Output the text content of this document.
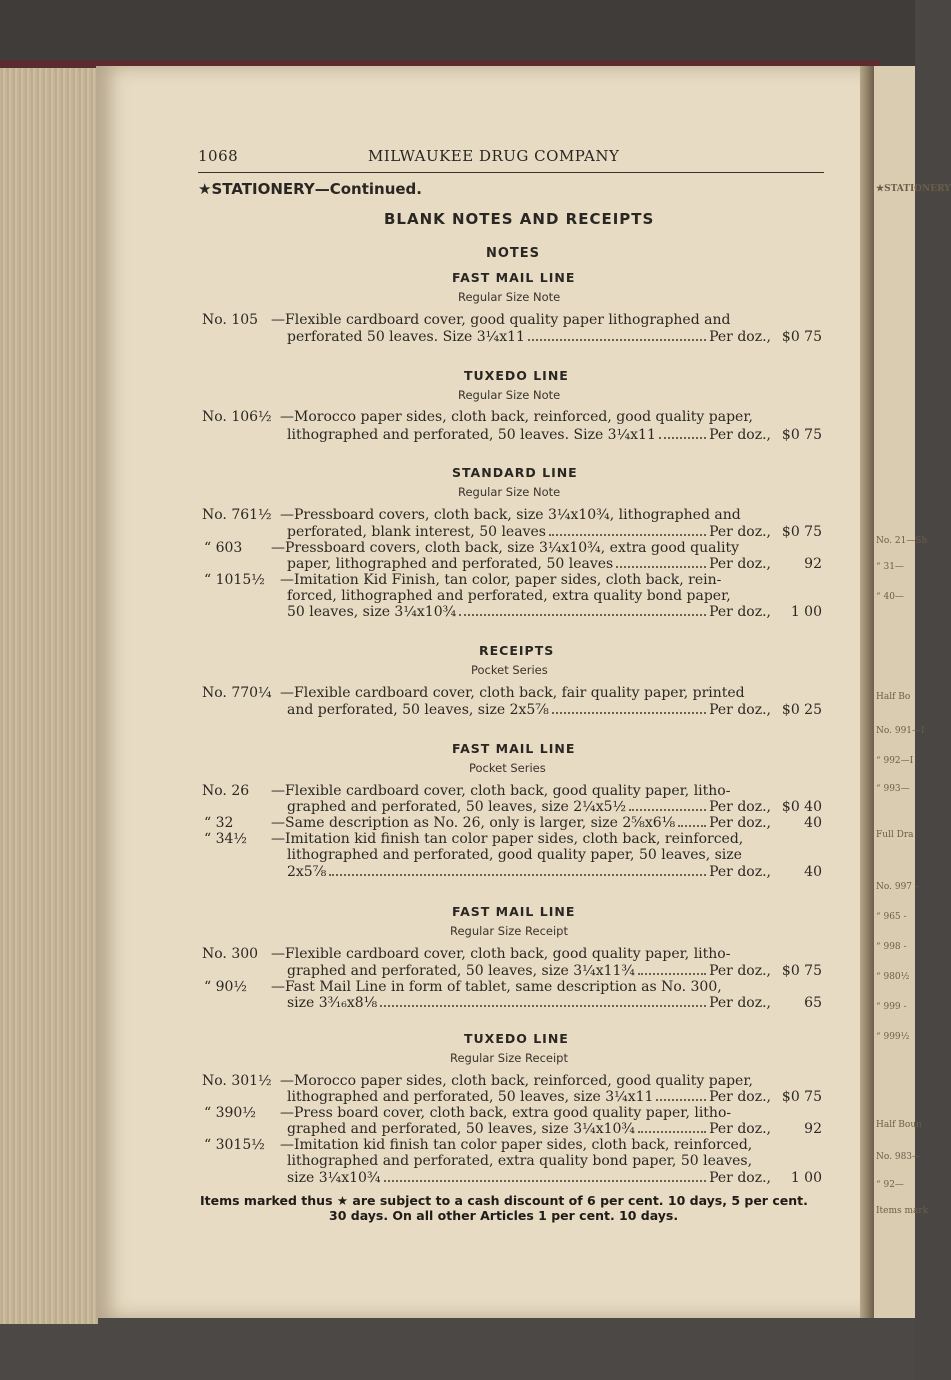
★STATIONERY
No. 21—Sh
“ 31—
“ 40—
Half Bo
No. 991—I
“ 992—I
“ 993—
Full Dra
No. 997 –
“ 965 -
“ 998 -
“ 980½
“ 999 -
“ 999½
Half Boun
No. 983—
“ 92—
Items mark
1068	MILWAUKEE DRUG COMPANY
★STATIONERY—Continued.
BLANK NOTES AND RECEIPTS
NOTES
FAST MAIL LINE
Regular Size Note
No. 105 —Flexible cardboard cover, good quality paper lithographed and
perforated 50 leaves. Size 3¼x11	Per doz., $0 75
TUXEDO LINE
Regular Size Note
No. 106½ —Morocco paper sides, cloth back, reinforced, good quality paper,
lithographed and perforated, 50 leaves. Size 3¼x11	Per doz., $0 75
STANDARD LINE
Regular Size Note
No. 761½ —Pressboard covers, cloth back, size 3¼x10¾, lithographed and
perforated, blank interest, 50 leaves	Per doz., $0 75
“ 603 —Pressboard covers, cloth back, size 3¼x10¾, extra good quality
paper, lithographed and perforated, 50 leaves	Per doz.,	92
“ 1015½ —Imitation Kid Finish, tan color, paper sides, cloth back, rein-
forced, lithographed and perforated, extra quality bond paper,
50 leaves, size 3¼x10¾	Per doz.,	1 00
RECEIPTS
Pocket Series
No. 770¼ —Flexible cardboard cover, cloth back, fair quality paper, printed
and perforated, 50 leaves, size 2x5⅞	Per doz., $0 25
FAST MAIL LINE
Pocket Series
No. 26 —Flexible cardboard cover, cloth back, good quality paper, litho-
graphed and perforated, 50 leaves, size 2¼x5½	Per doz., $0 40
“ 32	—Same description as No. 26, only is larger, size 2⅝x6⅛ Per doz.,	40
“ 34½ —Imitation kid finish tan color paper sides, cloth back, reinforced,
lithographed and perforated, good quality paper, 50 leaves, size
2x5⅞	Per doz.,	40
FAST MAIL LINE
Regular Size Receipt
No. 300 —Flexible cardboard cover, cloth back, good quality paper, litho-
graphed and perforated, 50 leaves, size 3¼x11¾	Per doz., $0 75
“ 90½ —Fast Mail Line in form of tablet, same description as No. 300,
size 3³⁄₁₆x8⅛	Per doz.,	65
TUXEDO LINE
Regular Size Receipt
No. 301½ —Morocco paper sides, cloth back, reinforced, good quality paper,
lithographed and perforated, 50 leaves, size 3¼x11	Per doz., $0 75
“ 390½ —Press board cover, cloth back, extra good quality paper, litho-
graphed and perforated, 50 leaves, size 3¼x10¾	Per doz.,	92
“ 3015½ —Imitation kid finish tan color paper sides, cloth back, reinforced,
lithographed and perforated, extra quality bond paper, 50 leaves,
size 3¼x10¾	Per doz.,	1 00
Items marked thus ★ are subject to a cash discount of 6 per cent. 10 days, 5 per cent.
30 days. On all other Articles 1 per cent. 10 days.
